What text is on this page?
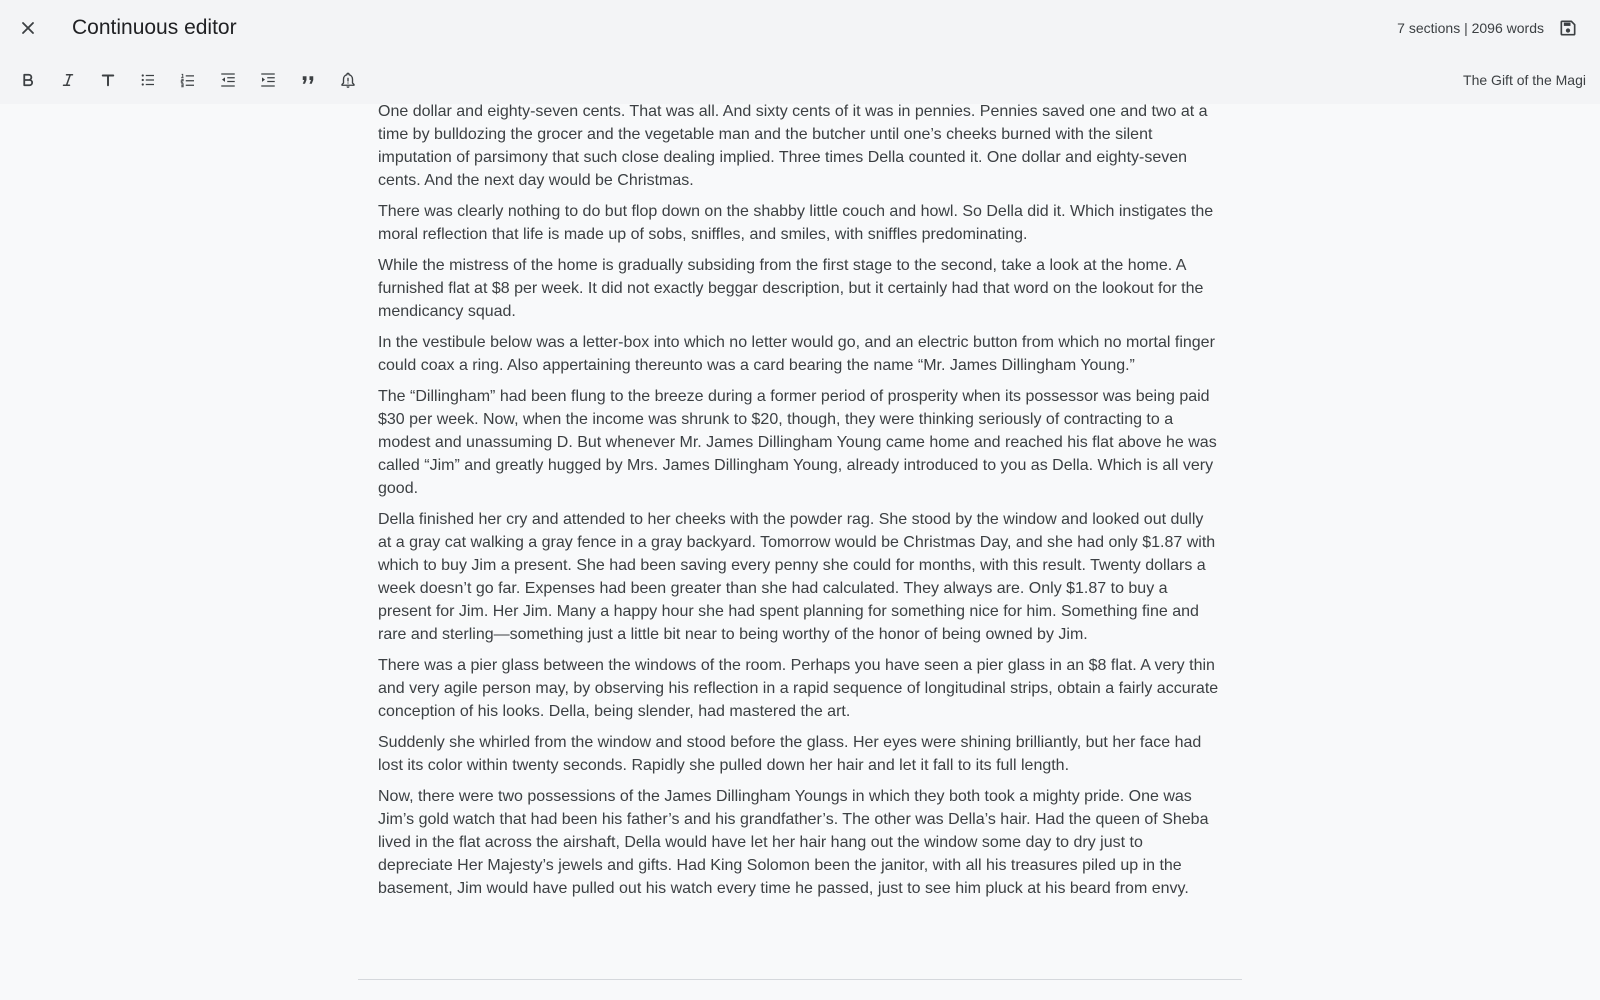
Continuous editor	7 sections | 2096 words
The Gift of the Magi

One dollar and eighty-seven cents. That was all. And sixty cents of it was in pennies. Pennies saved one and two at a time by bulldozing the grocer and the vegetable man and the butcher until one’s cheeks burned with the silent imputation of parsimony that such close dealing implied. Three times Della counted it. One dollar and eighty-seven cents. And the next day would be Christmas.

There was clearly nothing to do but flop down on the shabby little couch and howl. So Della did it. Which instigates the moral reflection that life is made up of sobs, sniffles, and smiles, with sniffles predominating.

While the mistress of the home is gradually subsiding from the first stage to the second, take a look at the home. A furnished flat at $8 per week. It did not exactly beggar description, but it certainly had that word on the lookout for the mendicancy squad.

In the vestibule below was a letter-box into which no letter would go, and an electric button from which no mortal finger could coax a ring. Also appertaining thereunto was a card bearing the name “Mr. James Dillingham Young.”

The “Dillingham” had been flung to the breeze during a former period of prosperity when its possessor was being paid $30 per week. Now, when the income was shrunk to $20, though, they were thinking seriously of contracting to a modest and unassuming D. But whenever Mr. James Dillingham Young came home and reached his flat above he was called “Jim” and greatly hugged by Mrs. James Dillingham Young, already introduced to you as Della. Which is all very good.

Della finished her cry and attended to her cheeks with the powder rag. She stood by the window and looked out dully at a gray cat walking a gray fence in a gray backyard. Tomorrow would be Christmas Day, and she had only $1.87 with which to buy Jim a present. She had been saving every penny she could for months, with this result. Twenty dollars a week doesn’t go far. Expenses had been greater than she had calculated. They always are. Only $1.87 to buy a present for Jim. Her Jim. Many a happy hour she had spent planning for something nice for him. Something fine and rare and sterling—something just a little bit near to being worthy of the honor of being owned by Jim.

There was a pier glass between the windows of the room. Perhaps you have seen a pier glass in an $8 flat. A very thin and very agile person may, by observing his reflection in a rapid sequence of longitudinal strips, obtain a fairly accurate conception of his looks. Della, being slender, had mastered the art.

Suddenly she whirled from the window and stood before the glass. Her eyes were shining brilliantly, but her face had lost its color within twenty seconds. Rapidly she pulled down her hair and let it fall to its full length.

Now, there were two possessions of the James Dillingham Youngs in which they both took a mighty pride. One was Jim’s gold watch that had been his father’s and his grandfather’s. The other was Della’s hair. Had the queen of Sheba lived in the flat across the airshaft, Della would have let her hair hang out the window some day to dry just to depreciate Her Majesty’s jewels and gifts. Had King Solomon been the janitor, with all his treasures piled up in the basement, Jim would have pulled out his watch every time he passed, just to see him pluck at his beard from envy.
